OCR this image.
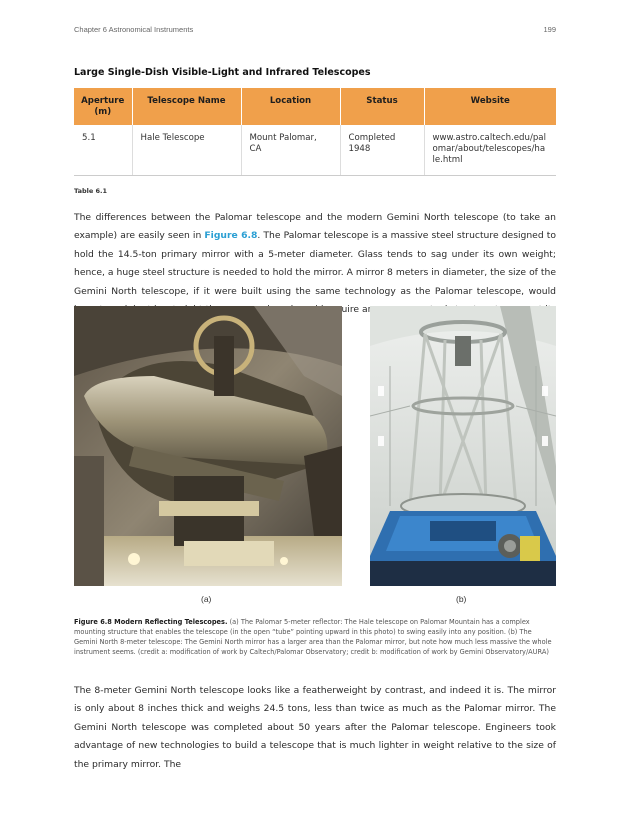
Chapter 6 Astronomical Instruments	199
Large Single-Dish Visible-Light and Infrared Telescopes
Aperture (m)	Telescope Name	Location	Status	Website
5.1	Hale Telescope	Mount Palomar, CA	Completed 1948	www.astro.caltech.edu/palomar/about/telescopes/hale.html
Table 6.1

The differences between the Palomar telescope and the modern Gemini North telescope (to take an example) are easily seen in Figure 6.8. The Palomar telescope is a massive steel structure designed to hold the 14.5-ton primary mirror with a 5-meter diameter. Glass tends to sag under its own weight; hence, a huge steel structure is needed to hold the mirror. A mirror 8 meters in diameter, the size of the Gemini North telescope, if it were built using the same technology as the Palomar telescope, would require an

(a)	(b)

Figure 6.8 Modern Reflecting Telescopes. (a) The Palomar 5-meter reflector: The Hale telescope on Palomar Mountain has a complex mounting structure that enables the telescope (in the open “tube” pointing upward in this photo) to swing easily into any position. (b) The Gemini North 8-meter telescope: The Gemini North mirror has a larger area than the Palomar mirror, but note how much less massive the whole instrument seems. (credit a: modification of work by Caltech/Palomar Observatory; credit b: modification of work by Gemini Observatory/AURA)

The 8-meter Gemini North telescope looks like a featherweight by contrast, and indeed it is. The mirror is only about 8 inches thick and weighs 24.5 tons, less than twice as much as the Palomar mirror. The Gemini North telescope was completed about 50 years after the Palomar telescope. Engineers took advantage of new technologies to build a telescope that is much lighter in weight relative to the size of the primary mirror. The
